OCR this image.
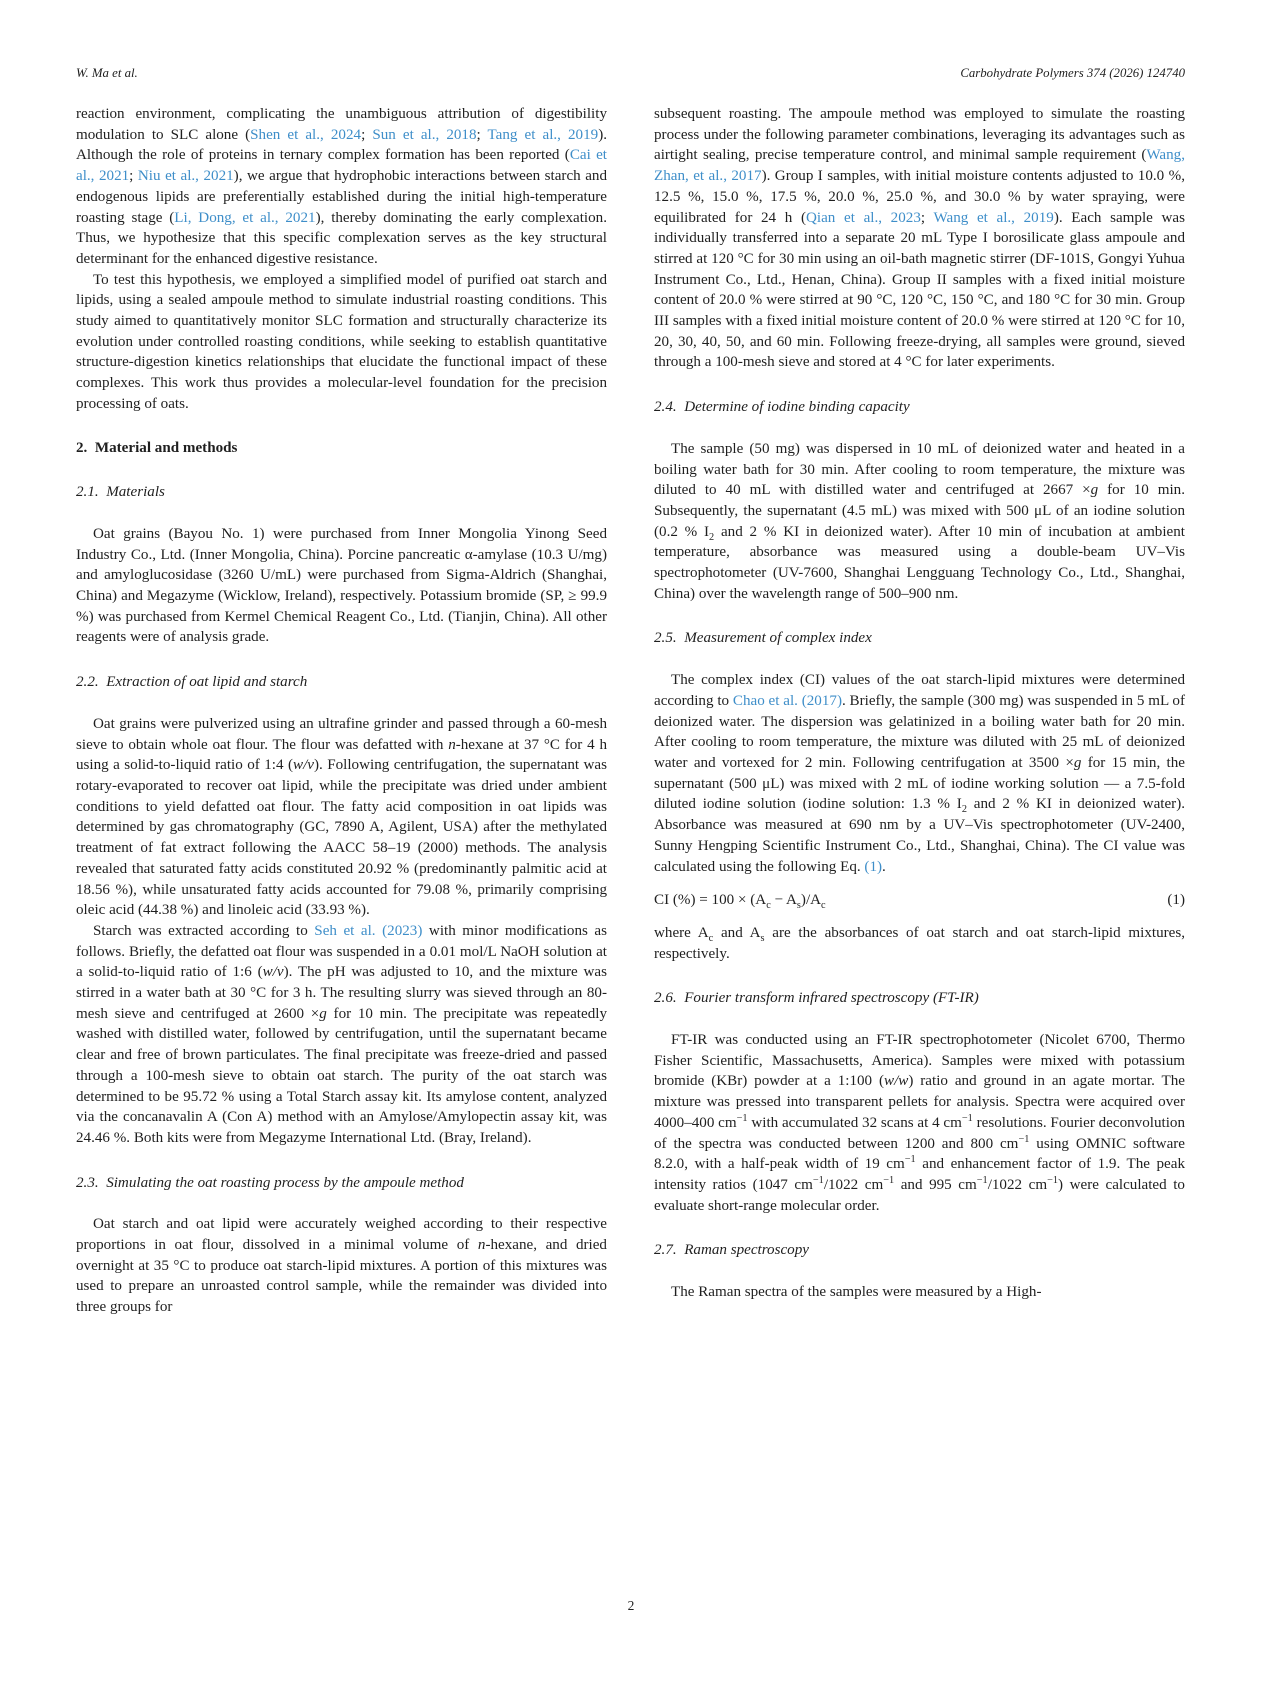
W. Ma et al.	Carbohydrate Polymers 374 (2026) 124740

reaction environment, complicating the unambiguous attribution of digestibility modulation to SLC alone (Shen et al., 2024; Sun et al., 2018; Tang et al., 2019). Although the role of proteins in ternary complex formation has been reported (Cai et al., 2021; Niu et al., 2021), we argue that hydrophobic interactions between starch and endogenous lipids are preferentially established during the initial high-temperature roasting stage (Li, Dong, et al., 2021), thereby dominating the early complexation. Thus, we hypothesize that this specific complexation serves as the key structural determinant for the enhanced digestive resistance.

To test this hypothesis, we employed a simplified model of purified oat starch and lipids, using a sealed ampoule method to simulate industrial roasting conditions. This study aimed to quantitatively monitor SLC formation and structurally characterize its evolution under controlled roasting conditions, while seeking to establish quantitative structure-digestion kinetics relationships that elucidate the functional impact of these complexes. This work thus provides a molecular-level foundation for the precision processing of oats.

2. Material and methods
2.1. Materials

Oat grains (Bayou No. 1) were purchased from Inner Mongolia Yinong Seed Industry Co., Ltd. (Inner Mongolia, China). Porcine pancreatic α-amylase (10.3 U/mg) and amyloglucosidase (3260 U/mL) were purchased from Sigma-Aldrich (Shanghai, China) and Megazyme (Wicklow, Ireland), respectively. Potassium bromide (SP, ≥ 99.9 %) was purchased from Kermel Chemical Reagent Co., Ltd. (Tianjin, China). All other reagents were of analysis grade.

2.2. Extraction of oat lipid and starch

Oat grains were pulverized using an ultrafine grinder and passed through a 60-mesh sieve to obtain whole oat flour. The flour was defatted with n-hexane at 37 °C for 4 h using a solid-to-liquid ratio of 1:4 (w/v). Following centrifugation, the supernatant was rotary-evaporated to recover oat lipid, while the precipitate was dried under ambient conditions to yield defatted oat flour. The fatty acid composition in oat lipids was determined by gas chromatography (GC, 7890 A, Agilent, USA) after the methylated treatment of fat extract following the AACC 58–19 (2000) methods. The analysis revealed that saturated fatty acids constituted 20.92 % (predominantly palmitic acid at 18.56 %), while unsaturated fatty acids accounted for 79.08 %, primarily comprising oleic acid (44.38 %) and linoleic acid (33.93 %).

Starch was extracted according to Seh et al. (2023) with minor modifications as follows. Briefly, the defatted oat flour was suspended in a 0.01 mol/L NaOH solution at a solid-to-liquid ratio of 1:6 (w/v). The pH was adjusted to 10, and the mixture was stirred in a water bath at 30 °C for 3 h. The resulting slurry was sieved through an 80-mesh sieve and centrifuged at 2600 ×g for 10 min. The precipitate was repeatedly washed with distilled water, followed by centrifugation, until the supernatant became clear and free of brown particulates. The final precipitate was freeze-dried and passed through a 100-mesh sieve to obtain oat starch. The purity of the oat starch was determined to be 95.72 % using a Total Starch assay kit. Its amylose content, analyzed via the concanavalin A (Con A) method with an Amylose/Amylopectin assay kit, was 24.46 %. Both kits were from Megazyme International Ltd. (Bray, Ireland).

2.3. Simulating the oat roasting process by the ampoule method

Oat starch and oat lipid were accurately weighed according to their respective proportions in oat flour, dissolved in a minimal volume of n-hexane, and dried overnight at 35 °C to produce oat starch-lipid mixtures. A portion of this mixtures was used to prepare an unroasted control sample, while the remainder was divided into three groups for

subsequent roasting. The ampoule method was employed to simulate the roasting process under the following parameter combinations, leveraging its advantages such as airtight sealing, precise temperature control, and minimal sample requirement (Wang, Zhan, et al., 2017). Group I samples, with initial moisture contents adjusted to 10.0 %, 12.5 %, 15.0 %, 17.5 %, 20.0 %, 25.0 %, and 30.0 % by water spraying, were equilibrated for 24 h (Qian et al., 2023; Wang et al., 2019). Each sample was individually transferred into a separate 20 mL Type I borosilicate glass ampoule and stirred at 120 °C for 30 min using an oil-bath magnetic stirrer (DF-101S, Gongyi Yuhua Instrument Co., Ltd., Henan, China). Group II samples with a fixed initial moisture content of 20.0 % were stirred at 90 °C, 120 °C, 150 °C, and 180 °C for 30 min. Group III samples with a fixed initial moisture content of 20.0 % were stirred at 120 °C for 10, 20, 30, 40, 50, and 60 min. Following freeze-drying, all samples were ground, sieved through a 100-mesh sieve and stored at 4 °C for later experiments.

2.4. Determine of iodine binding capacity

The sample (50 mg) was dispersed in 10 mL of deionized water and heated in a boiling water bath for 30 min. After cooling to room temperature, the mixture was diluted to 40 mL with distilled water and centrifuged at 2667 ×g for 10 min. Subsequently, the supernatant (4.5 mL) was mixed with 500 μL of an iodine solution (0.2 % $I_2$ and 2 % KI in deionized water). After 10 min of incubation at ambient temperature, absorbance was measured using a double-beam UV–Vis spectrophotometer (UV-7600, Shanghai Lengguang Technology Co., Ltd., Shanghai, China) over the wavelength range of 500–900 nm.

2.5. Measurement of complex index

The complex index (CI) values of the oat starch-lipid mixtures were determined according to Chao et al. (2017). Briefly, the sample (300 mg) was suspended in 5 mL of deionized water. The dispersion was gelatinized in a boiling water bath for 20 min. After cooling to room temperature, the mixture was diluted with 25 mL of deionized water and vortexed for 2 min. Following centrifugation at 3500 ×g for 15 min, the supernatant (500 μL) was mixed with 2 mL of iodine working solution — a 7.5-fold diluted iodine solution (iodine solution: 1.3 % $I_2$ and 2 % KI in deionized water). Absorbance was measured at 690 nm by a UV–Vis spectrophotometer (UV-2400, Sunny Hengping Scientific Instrument Co., Ltd., Shanghai, China). The CI value was calculated using the following Eq. (1).

CI (%) = $100 \times (A_c - A_s)/A_c$	(1)

where $A_c$ and $A_s$ are the absorbances of oat starch and oat starch-lipid mixtures, respectively.

2.6. Fourier transform infrared spectroscopy (FT-IR)

FT-IR was conducted using an FT-IR spectrophotometer (Nicolet 6700, Thermo Fisher Scientific, Massachusetts, America). Samples were mixed with potassium bromide (KBr) powder at a 1:100 (w/w) ratio and ground in an agate mortar. The mixture was pressed into transparent pellets for analysis. Spectra were acquired over 4000–400 $cm^{-1}$ with accumulated 32 scans at 4 $cm^{-1}$ resolutions. Fourier deconvolution of the spectra was conducted between 1200 and 800 $cm^{-1}$ using OMNIC software 8.2.0, with a half-peak width of 19 $cm^{-1}$ and enhancement factor of 1.9. The peak intensity ratios (1047 $cm^{-1}/1022$ $cm^{-1}$ and 995 $cm^{-1}/1022$ $cm^{-1}$) were calculated to evaluate short-range molecular order.

2.7. Raman spectroscopy

The Raman spectra of the samples were measured by a High-

2
